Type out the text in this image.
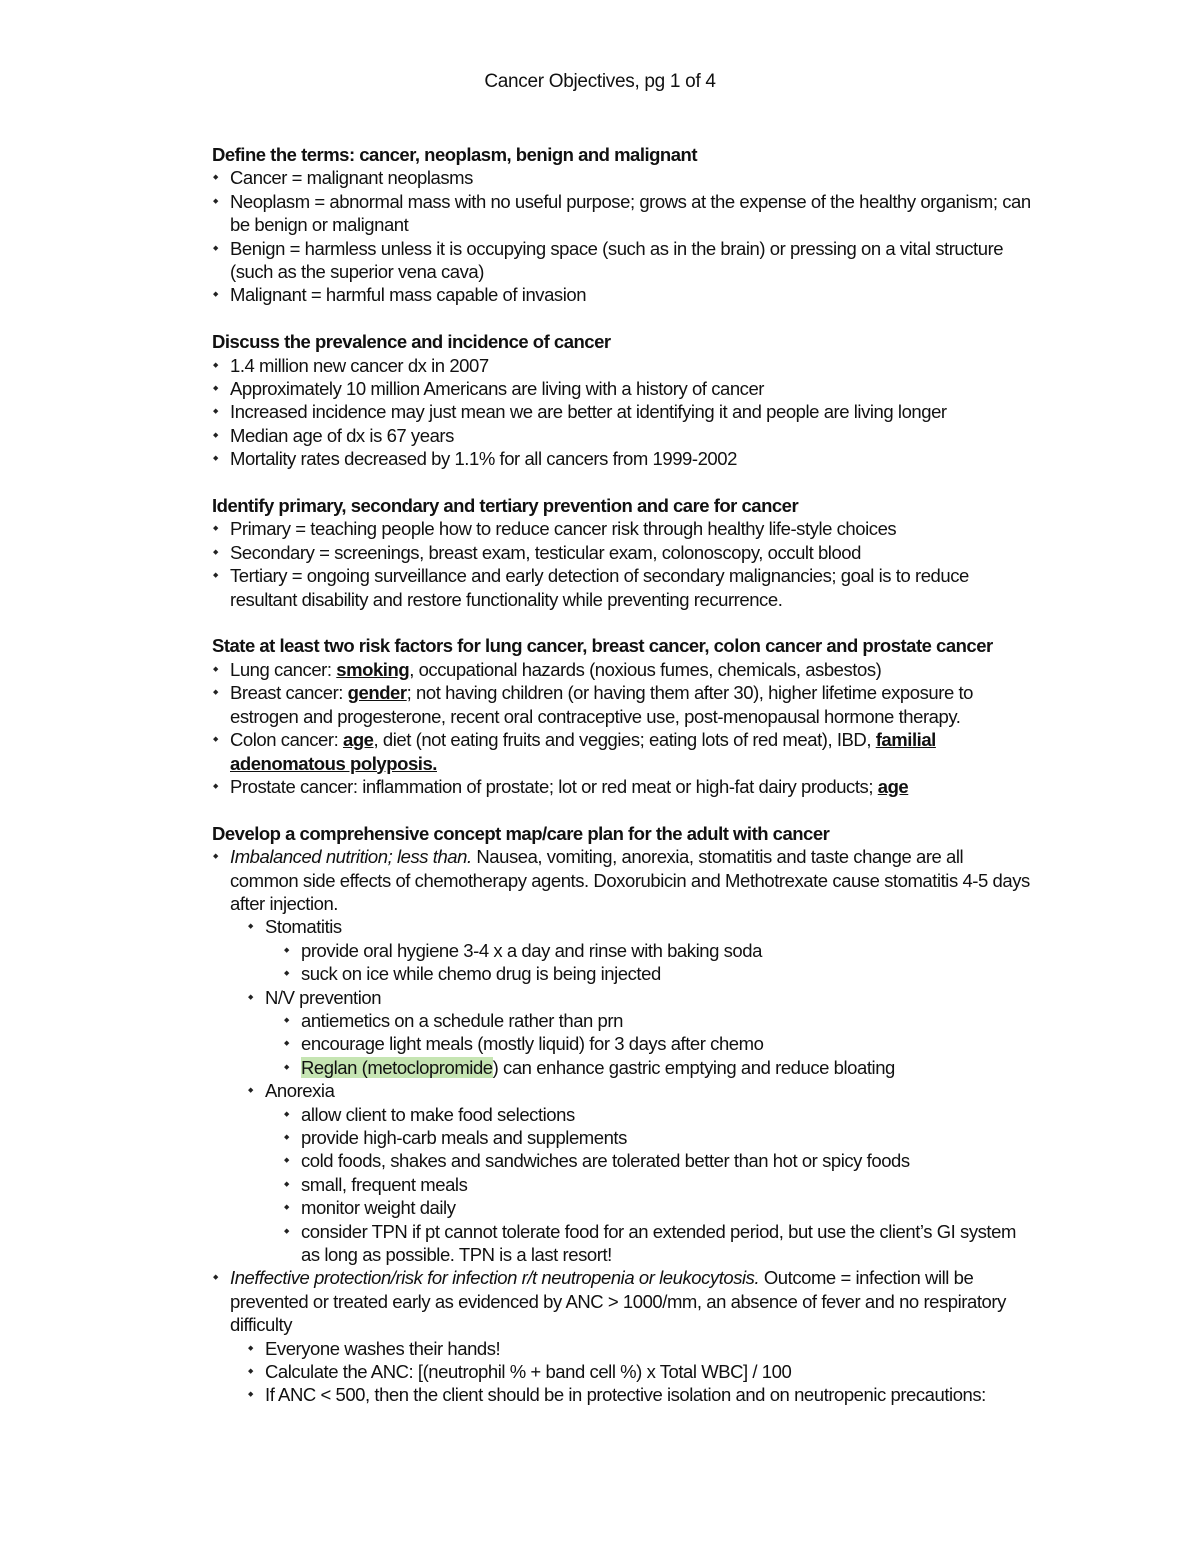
Cancer Objectives, pg 1 of 4
Define the terms: cancer, neoplasm, benign and malignant
◆ Cancer = malignant neoplasms
◆ Neoplasm = abnormal mass with no useful purpose; grows at the expense of the healthy organism; can be benign or malignant
◆ Benign = harmless unless it is occupying space (such as in the brain) or pressing on a vital structure (such as the superior vena cava)
◆ Malignant = harmful mass capable of invasion
Discuss the prevalence and incidence of cancer
◆ 1.4 million new cancer dx in 2007
◆ Approximately 10 million Americans are living with a history of cancer
◆ Increased incidence may just mean we are better at identifying it and people are living longer
◆ Median age of dx is 67 years
◆ Mortality rates decreased by 1.1% for all cancers from 1999-2002
Identify primary, secondary and tertiary prevention and care for cancer
◆ Primary = teaching people how to reduce cancer risk through healthy life-style choices
◆ Secondary = screenings, breast exam, testicular exam, colonoscopy, occult blood
◆ Tertiary = ongoing surveillance and early detection of secondary malignancies; goal is to reduce resultant disability and restore functionality while preventing recurrence.
State at least two risk factors for lung cancer, breast cancer, colon cancer and prostate cancer
◆ Lung cancer: smoking, occupational hazards (noxious fumes, chemicals, asbestos)
◆ Breast cancer: gender; not having children (or having them after 30), higher lifetime exposure to estrogen and progesterone, recent oral contraceptive use, post-menopausal hormone therapy.
◆ Colon cancer: age, diet (not eating fruits and veggies; eating lots of red meat), IBD, familial adenomatous polyposis.
◆ Prostate cancer: inflammation of prostate; lot or red meat or high-fat dairy products; age
Develop a comprehensive concept map/care plan for the adult with cancer
◆ Imbalanced nutrition; less than. Nausea, vomiting, anorexia, stomatitis and taste change are all common side effects of chemotherapy agents. Doxorubicin and Methotrexate cause stomatitis 4-5 days after injection.
◆ Stomatitis
◆ provide oral hygiene 3-4 x a day and rinse with baking soda
◆ suck on ice while chemo drug is being injected
◆ N/V prevention
◆ antiemetics on a schedule rather than prn
◆ encourage light meals (mostly liquid) for 3 days after chemo
◆ Reglan (metoclopromide) can enhance gastric emptying and reduce bloating
◆ Anorexia
◆ allow client to make food selections
◆ provide high-carb meals and supplements
◆ cold foods, shakes and sandwiches are tolerated better than hot or spicy foods
◆ small, frequent meals
◆ monitor weight daily
◆ consider TPN if pt cannot tolerate food for an extended period, but use the client’s GI system as long as possible. TPN is a last resort!
◆ Ineffective protection/risk for infection r/t neutropenia or leukocytosis. Outcome = infection will be prevented or treated early as evidenced by ANC > 1000/mm, an absence of fever and no respiratory difficulty
◆ Everyone washes their hands!
◆ Calculate the ANC: [(neutrophil % + band cell %) x Total WBC] / 100
◆ If ANC < 500, then the client should be in protective isolation and on neutropenic precautions:
